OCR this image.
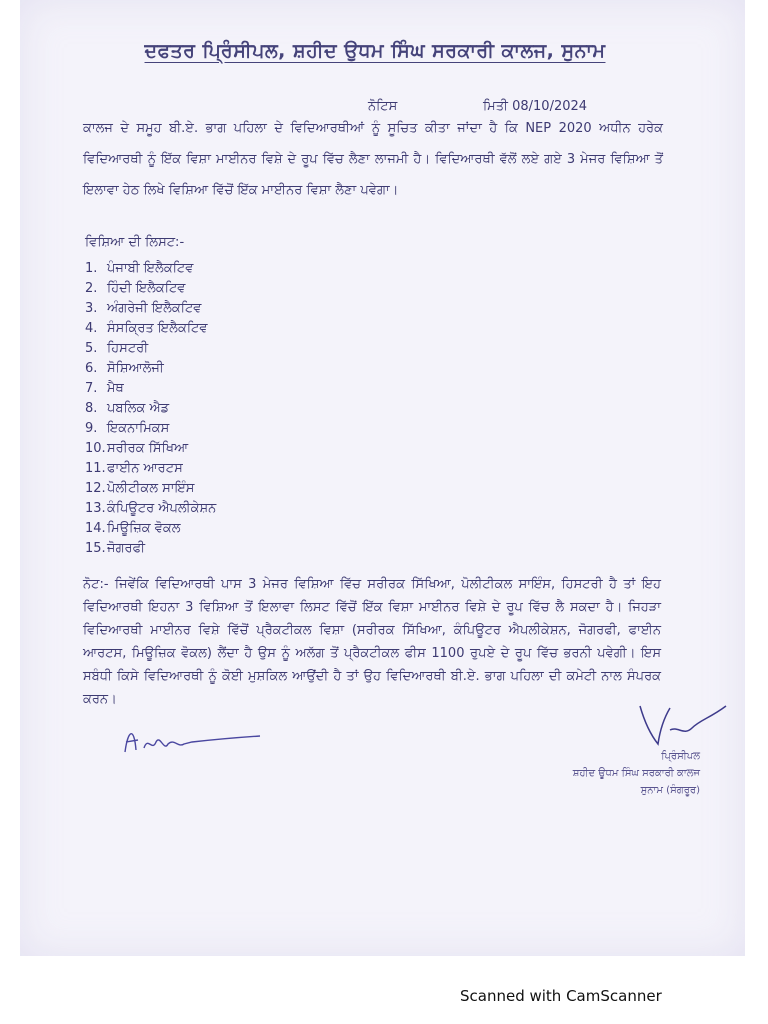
ਦਫਤਰ ਪ੍ਰਿੰਸੀਪਲ, ਸ਼ਹੀਦ ਉਧਮ ਸਿੰਘ ਸਰਕਾਰੀ ਕਾਲਜ, ਸੁਨਾਮ
ਨੋਟਿਸ	ਮਿਤੀ 08/10/2024
ਕਾਲਜ ਦੇ ਸਮੂਹ ਬੀ.ਏ. ਭਾਗ ਪਹਿਲਾ ਦੇ ਵਿਦਿਆਰਥੀਆਂ ਨੂੰ ਸੂਚਿਤ ਕੀਤਾ ਜਾਂਦਾ ਹੈ ਕਿ NEP 2020 ਅਧੀਨ ਹਰੇਕ ਵਿਦਿਆਰਥੀ ਨੂੰ ਇੱਕ ਵਿਸ਼ਾ ਮਾਈਨਰ ਵਿਸ਼ੇ ਦੇ ਰੂਪ ਵਿੱਚ ਲੈਣਾ ਲਾਜਮੀ ਹੈ। ਵਿਦਿਆਰਥੀ ਵੱਲੋਂ ਲਏ ਗਏ 3 ਮੇਜਰ ਵਿਸ਼ਿਆ ਤੋਂ ਇਲਾਵਾ ਹੇਠ ਲਿਖੇ ਵਿਸ਼ਿਆ ਵਿੱਚੋਂ ਇੱਕ ਮਾਈਨਰ ਵਿਸ਼ਾ ਲੈਣਾ ਪਵੇਗਾ।
ਵਿਸ਼ਿਆ ਦੀ ਲਿਸਟ:-
1. ਪੰਜਾਬੀ ਇਲੈਕਟਿਵ
2. ਹਿੰਦੀ ਇਲੈਕਟਿਵ
3. ਅੰਗਰੇਜੀ ਇਲੈਕਟਿਵ
4. ਸੰਸਕ੍ਰਿਤ ਇਲੈਕਟਿਵ
5. ਹਿਸਟਰੀ
6. ਸੋਸ਼ਿਆਲੋਜੀ
7. ਮੈਥ
8. ਪਬਲਿਕ ਐਡ
9. ਇਕਨਾਮਿਕਸ
10.ਸਰੀਰਕ ਸਿੱਖਿਆ
11.ਫਾਈਨ ਆਰਟਸ
12.ਪੋਲੀਟੀਕਲ ਸਾਇੰਸ
13.ਕੰਪਿਊਟਰ ਐਪਲੀਕੇਸ਼ਨ
14.ਮਿਊਜ਼ਿਕ ਵੋਕਲ
15.ਜੋਗਰਫੀ
ਨੋਟ:- ਜਿਵੇਂਕਿ ਵਿਦਿਆਰਥੀ ਪਾਸ 3 ਮੇਜਰ ਵਿਸ਼ਿਆ ਵਿੱਚ ਸਰੀਰਕ ਸਿੱਖਿਆ, ਪੋਲੀਟੀਕਲ ਸਾਇੰਸ, ਹਿਸਟਰੀ ਹੈ ਤਾਂ ਇਹ ਵਿਦਿਆਰਥੀ ਇਹਨਾ 3 ਵਿਸ਼ਿਆ ਤੋਂ ਇਲਾਵਾ ਲਿਸਟ ਵਿੱਚੋਂ ਇੱਕ ਵਿਸ਼ਾ ਮਾਈਨਰ ਵਿਸ਼ੇ ਦੇ ਰੂਪ ਵਿੱਚ ਲੈ ਸਕਦਾ ਹੈ। ਜਿਹੜਾ ਵਿਦਿਆਰਥੀ ਮਾਈਨਰ ਵਿਸ਼ੇ ਵਿੱਚੋਂ ਪ੍ਰੈਕਟੀਕਲ ਵਿਸ਼ਾ (ਸਰੀਰਕ ਸਿੱਖਿਆ, ਕੰਪਿਊਟਰ ਐਪਲੀਕੇਸ਼ਨ, ਜੋਗਰਫੀ, ਫਾਈਨ ਆਰਟਸ, ਮਿਊਜ਼ਿਕ ਵੋਕਲ) ਲੈਂਦਾ ਹੈ ਉਸ ਨੂੰ ਅਲੱਗ ਤੋਂ ਪ੍ਰੈਕਟੀਕਲ ਫੀਸ 1100 ਰੁਪਏ ਦੇ ਰੂਪ ਵਿੱਚ ਭਰਨੀ ਪਵੇਗੀ। ਇਸ ਸਬੰਧੀ ਕਿਸੇ ਵਿਦਿਆਰਥੀ ਨੂੰ ਕੋਈ ਮੁਸ਼ਕਿਲ ਆਉਂਦੀ ਹੈ ਤਾਂ ਉਹ ਵਿਦਿਆਰਥੀ ਬੀ.ਏ. ਭਾਗ ਪਹਿਲਾ ਦੀ ਕਮੇਟੀ ਨਾਲ ਸੰਪਰਕ ਕਰਨ।
ਪ੍ਰਿੰਸੀਪਲ
ਸ਼ਹੀਦ ਊਧਮ ਸਿੰਘ ਸਰਕਾਰੀ ਕਾਲਜ
ਸੁਨਾਮ (ਸੰਗਰੂਰ)
Scanned with CamScanner
